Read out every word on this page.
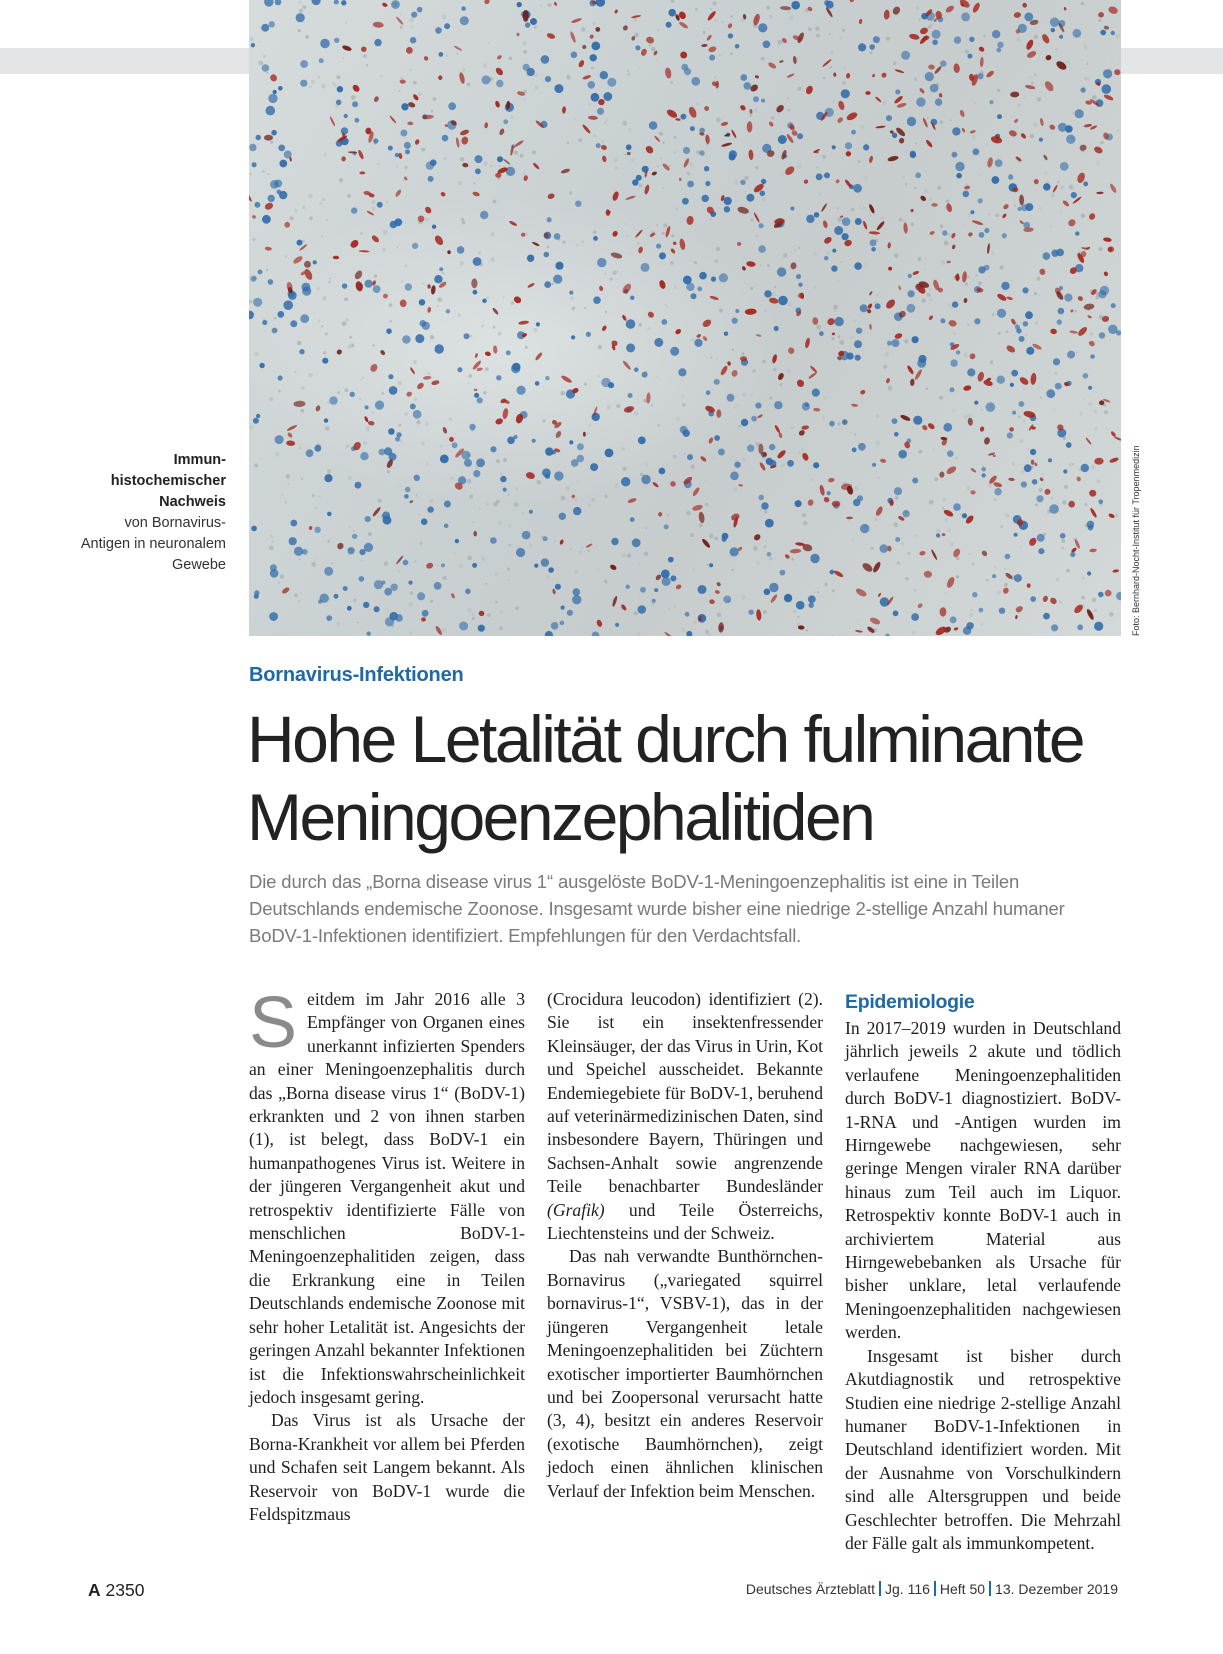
Foto: Bernhard-Nocht-Institut für Tropenmedizin
Immun-histochemischer Nachweis
von Bornavirus-Antigen in neuronalem Gewebe
Bornavirus-Infektionen
Hohe Letalität durch fulminante
Meningoenzephalitiden
Die durch das „Borna disease virus 1“ ausgelöste BoDV-1-Meningoenzephalitis ist eine in Teilen Deutschlands endemische Zoonose. Insgesamt wurde bisher eine niedrige 2-stellige Anzahl humaner BoDV-1-Infektionen identifiziert. Empfehlungen für den Verdachtsfall.

Seitdem im Jahr 2016 alle 3 Empfänger von Organen eines unerkannt infizierten Spenders an einer Meningoenzephalitis durch das „Borna disease virus 1“ (BoDV-1) erkrankten und 2 von ihnen starben (1), ist belegt, dass BoDV-1 ein humanpathogenes Virus ist. Weitere in der jüngeren Vergangenheit akut und retrospektiv identifizierte Fälle von menschlichen BoDV-1-Meningoenzephalitiden zeigen, dass die Erkrankung eine in Teilen Deutschlands endemische Zoonose mit sehr hoher Letalität ist. Angesichts der geringen Anzahl bekannter Infektionen ist die Infektionswahrscheinlichkeit jedoch insgesamt gering.

Das Virus ist als Ursache der Borna-Krankheit vor allem bei Pferden und Schafen seit Langem bekannt. Als Reservoir von BoDV-1 wurde die Feldspitzmaus

(Crocidura leucodon) identifiziert (2). Sie ist ein insektenfressender Kleinsäuger, der das Virus in Urin, Kot und Speichel ausscheidet. Bekannte Endemiegebiete für BoDV-1, beruhend auf veterinärmedizinischen Daten, sind insbesondere Bayern, Thüringen und Sachsen-Anhalt sowie angrenzende Teile benachbarter Bundesländer (Grafik) und Teile Österreichs, Liechtensteins und der Schweiz.

Das nah verwandte Bunthörnchen-Bornavirus („variegated squirrel bornavirus-1“, VSBV-1), das in der jüngeren Vergangenheit letale Meningoenzephalitiden bei Züchtern exotischer importierter Baumhörnchen und bei Zoopersonal verursacht hatte (3, 4), besitzt ein anderes Reservoir (exotische Baumhörnchen), zeigt jedoch einen ähnlichen klinischen Verlauf der Infektion beim Menschen.

Epidemiologie

In 2017–2019 wurden in Deutschland jährlich jeweils 2 akute und tödlich verlaufene Meningoenzephalitiden durch BoDV-1 diagnostiziert. BoDV-1-RNA und -Antigen wurden im Hirngewebe nachgewiesen, sehr geringe Mengen viraler RNA darüber hinaus zum Teil auch im Liquor. Retrospektiv konnte BoDV-1 auch in archiviertem Material aus Hirngewebebanken als Ursache für bisher unklare, letal verlaufende Meningoenzephalitiden nachgewiesen werden.

Insgesamt ist bisher durch Akutdiagnostik und retrospektive Studien eine niedrige 2-stellige Anzahl humaner BoDV-1-Infektionen in Deutschland identifiziert worden. Mit der Ausnahme von Vorschulkindern sind alle Altersgruppen und beide Geschlechter betroffen. Die Mehrzahl der Fälle galt als immunkompetent.

A 2350	Deutsches Ärzteblatt Jg. 116 Heft 50 13. Dezember 2019
